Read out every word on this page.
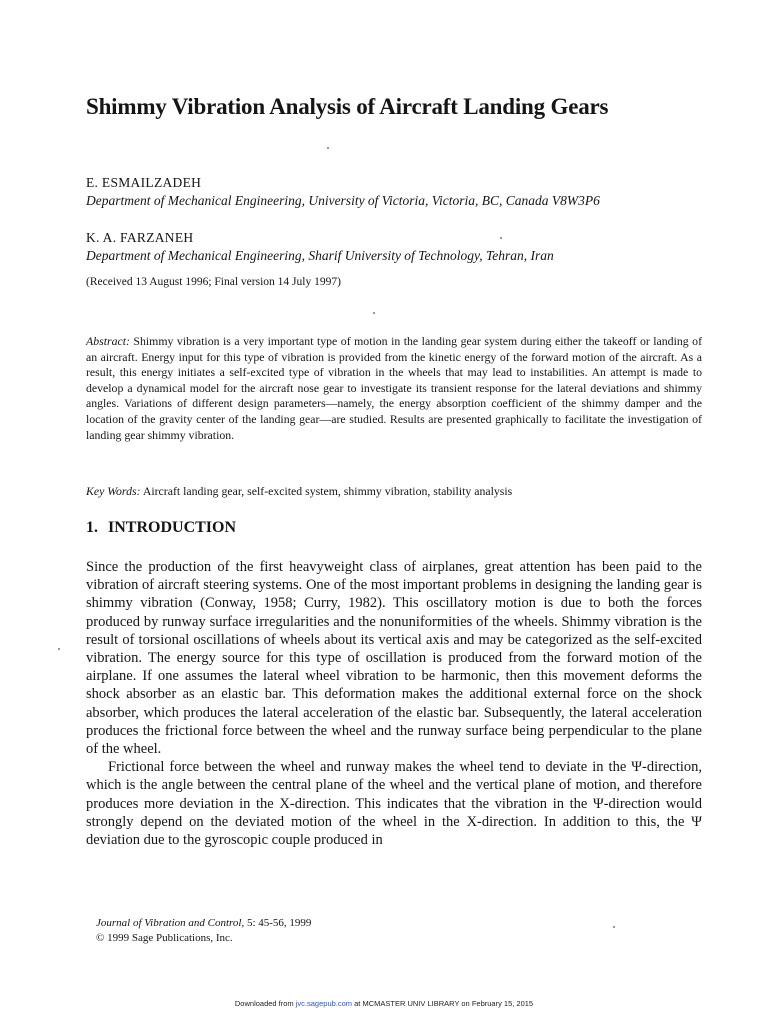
Shimmy Vibration Analysis of Aircraft Landing Gears
E. ESMAILZADEH
Department of Mechanical Engineering, University of Victoria, Victoria, BC, Canada V8W3P6
K. A. FARZANEH
Department of Mechanical Engineering, Sharif University of Technology, Tehran, Iran
(Received 13 August 1996; Final version 14 July 1997)

Abstract: Shimmy vibration is a very important type of motion in the landing gear system during either the takeoff or landing of an aircraft. Energy input for this type of vibration is provided from the kinetic energy of the forward motion of the aircraft. As a result, this energy initiates a self-excited type of vibration in the wheels that may lead to instabilities. An attempt is made to develop a dynamical model for the aircraft nose gear to investigate its transient response for the lateral deviations and shimmy angles. Variations of different design parameters—namely, the energy absorption coefficient of the shimmy damper and the location of the gravity center of the landing gear—are studied. Results are presented graphically to facilitate the investigation of landing gear shimmy vibration.

Key Words: Aircraft landing gear, self-excited system, shimmy vibration, stability analysis
1. INTRODUCTION

Since the production of the first heavyweight class of airplanes, great attention has been paid to the vibration of aircraft steering systems. One of the most important problems in designing the landing gear is shimmy vibration (Conway, 1958; Curry, 1982). This oscillatory motion is due to both the forces produced by runway surface irregularities and the nonuniformities of the wheels. Shimmy vibration is the result of torsional oscillations of wheels about its vertical axis and may be categorized as the self-excited vibration. The energy source for this type of oscillation is produced from the forward motion of the airplane. If one assumes the lateral wheel vibration to be harmonic, then this movement deforms the shock absorber as an elastic bar. This deformation makes the additional external force on the shock absorber, which produces the lateral acceleration of the elastic bar. Subsequently, the lateral acceleration produces the frictional force between the wheel and the runway surface being perpendicular to the plane of the wheel.

Frictional force between the wheel and runway makes the wheel tend to deviate in the Ψ-direction, which is the angle between the central plane of the wheel and the vertical plane of motion, and therefore produces more deviation in the X-direction. This indicates that the vibration in the Ψ-direction would strongly depend on the deviated motion of the wheel in the X-direction. In addition to this, the Ψ deviation due to the gyroscopic couple produced in

Journal of Vibration and Control, 5: 45-56, 1999
© 1999 Sage Publications, Inc.
Downloaded from jvc.sagepub.com at MCMASTER UNIV LIBRARY on February 15, 2015
